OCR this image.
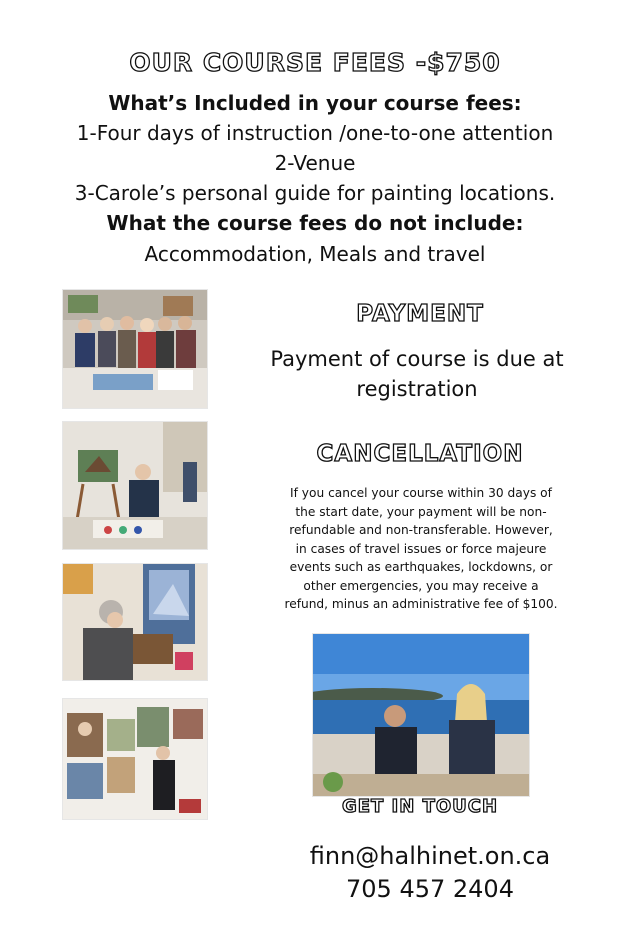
OUR COURSE FEES -$750
What’s Included in your course fees:
1-Four days of instruction /one-to-one attention
2-Venue
3-Carole’s personal guide for painting locations.
What the course fees do not include:
Accommodation, Meals and travel
PAYMENT
Payment of course is due at
registration
CANCELLATION
If you cancel your course within 30 days of
the start date, your payment will be non-
refundable and non-transferable. However,
in cases of travel issues or force majeure
events such as earthquakes, lockdowns, or
other emergencies, you may receive a
refund, minus an administrative fee of $100.
GET IN TOUCH
finn@halhinet.on.ca
705 457 2404
